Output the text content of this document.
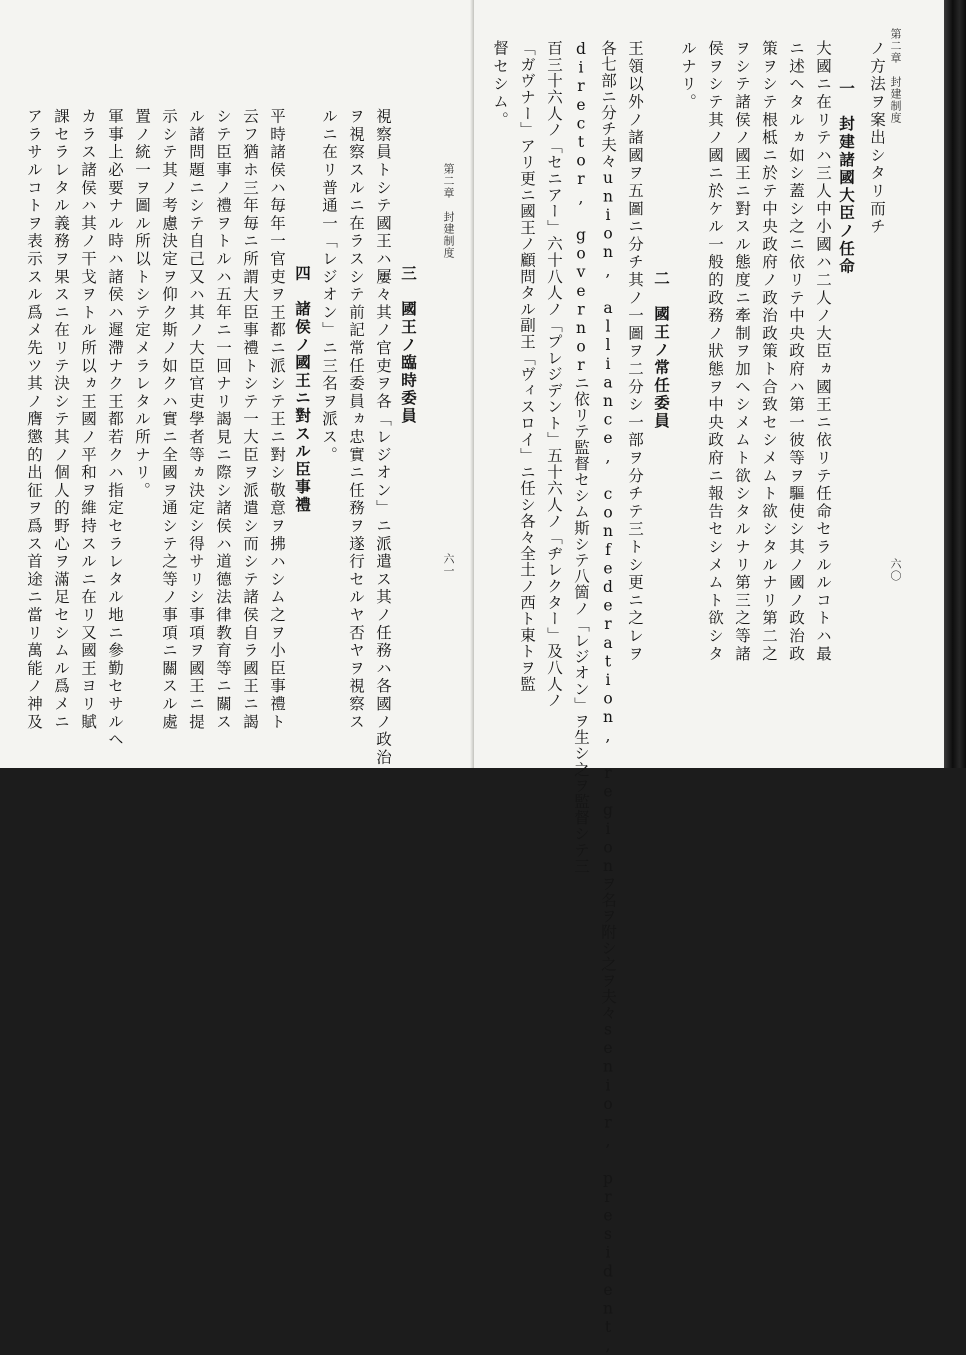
六一
第二章　封建制度
三　國王ノ臨時委員
視察員トシテ國王ハ屢々其ノ官吏ヲ各「レジオン」ニ派遣ス其ノ任務ハ各國ノ政治
ヲ視察スルニ在ラスシテ前記常任委員ヵ忠實ニ任務ヲ遂行セルヤ否ヤヲ視察ス
ルニ在リ普通一「レジオン」ニ三名ヲ派ス。
四　諸侯ノ國王ニ對スル臣事禮
平時諸侯ハ毎年一官吏ヲ王都ニ派シテ王ニ對シ敬意ヲ拂ハシム之ヲ小臣事禮ト
云フ猶ホ三年毎ニ所謂大臣事禮トシテ一大臣ヲ派遣シ而シテ諸侯自ラ國王ニ謁
シテ臣事ノ禮ヲトルハ五年ニ一回ナリ謁見ニ際シ諸侯ハ道德法律教育等ニ關ス
ル諸問題ニシテ自己又ハ其ノ大臣官吏學者等ヵ決定シ得サリシ事項ヲ國王ニ提
示シテ其ノ考慮決定ヲ仰ク斯ノ如クハ實ニ全國ヲ通シテ之等ノ事項ニ關スル處
置ノ統一ヲ圖ル所以トシテ定メラレタル所ナリ。
軍事上必要ナル時ハ諸侯ハ遲滯ナク王都若クハ指定セラレタル地ニ參勤セサルヘ
カラス諸侯ハ其ノ干戈ヲトル所以ヵ王國ノ平和ヲ維持スルニ在リ又國王ヨリ賦
課セラレタル義務ヲ果スニ在リテ決シテ其ノ個人的野心ヲ滿足セシムル爲メニ
アラサルコトヲ表示スル爲メ先ツ其ノ膺懲的出征ヲ爲ス首途ニ當リ萬能ノ神及
第二章　封建制度
六〇
ノ方法ヲ案出シタリ而チ
一　封建諸國大臣ノ任命
大國ニ在リテハ三人中小國ハ二人ノ大臣ヵ國王ニ依リテ任命セラルルコトハ最
ニ述ヘタルヵ如シ蓋シ之ニ依リテ中央政府ハ第一彼等ヲ驅使シ其ノ國ノ政治政
策ヲシテ根柢ニ於テ中央政府ノ政治政策ト合致セシメムト欲シタルナリ第二之
ヲシテ諸侯ノ國王ニ對スル態度ニ牽制ヲ加ヘシメムト欲シタルナリ第三之等諸
侯ヲシテ其ノ國ニ於ケル一般的政務ノ狀態ヲ中央政府ニ報告セシメムト欲シタ
ルナリ。
二　國王ノ常任委員
王領以外ノ諸國ヲ五圖ニ分チ其ノ一圖ヲ二分シ一部ヲ分チテ三トシ更ニ之レヲ
各七部ニ分チ夫々union, alliance, confederation, regionヲ名ヲ附シ之ヲ夫々senior, president,
director, governorニ依リテ監督セシム斯シテ八箇ノ「レジオン」ヲ生シ之ヲ監督シテ三
百三十六人ノ「セニアー」六十八人ノ「プレジデント」五十六人ノ「ヂレクター」及八人ノ
「ガヴナー」アリ更ニ國王ノ顧問タル副王「ヴィスロイ」ニ任シ各々全土ノ西ト東トヲ監
督セシム。
